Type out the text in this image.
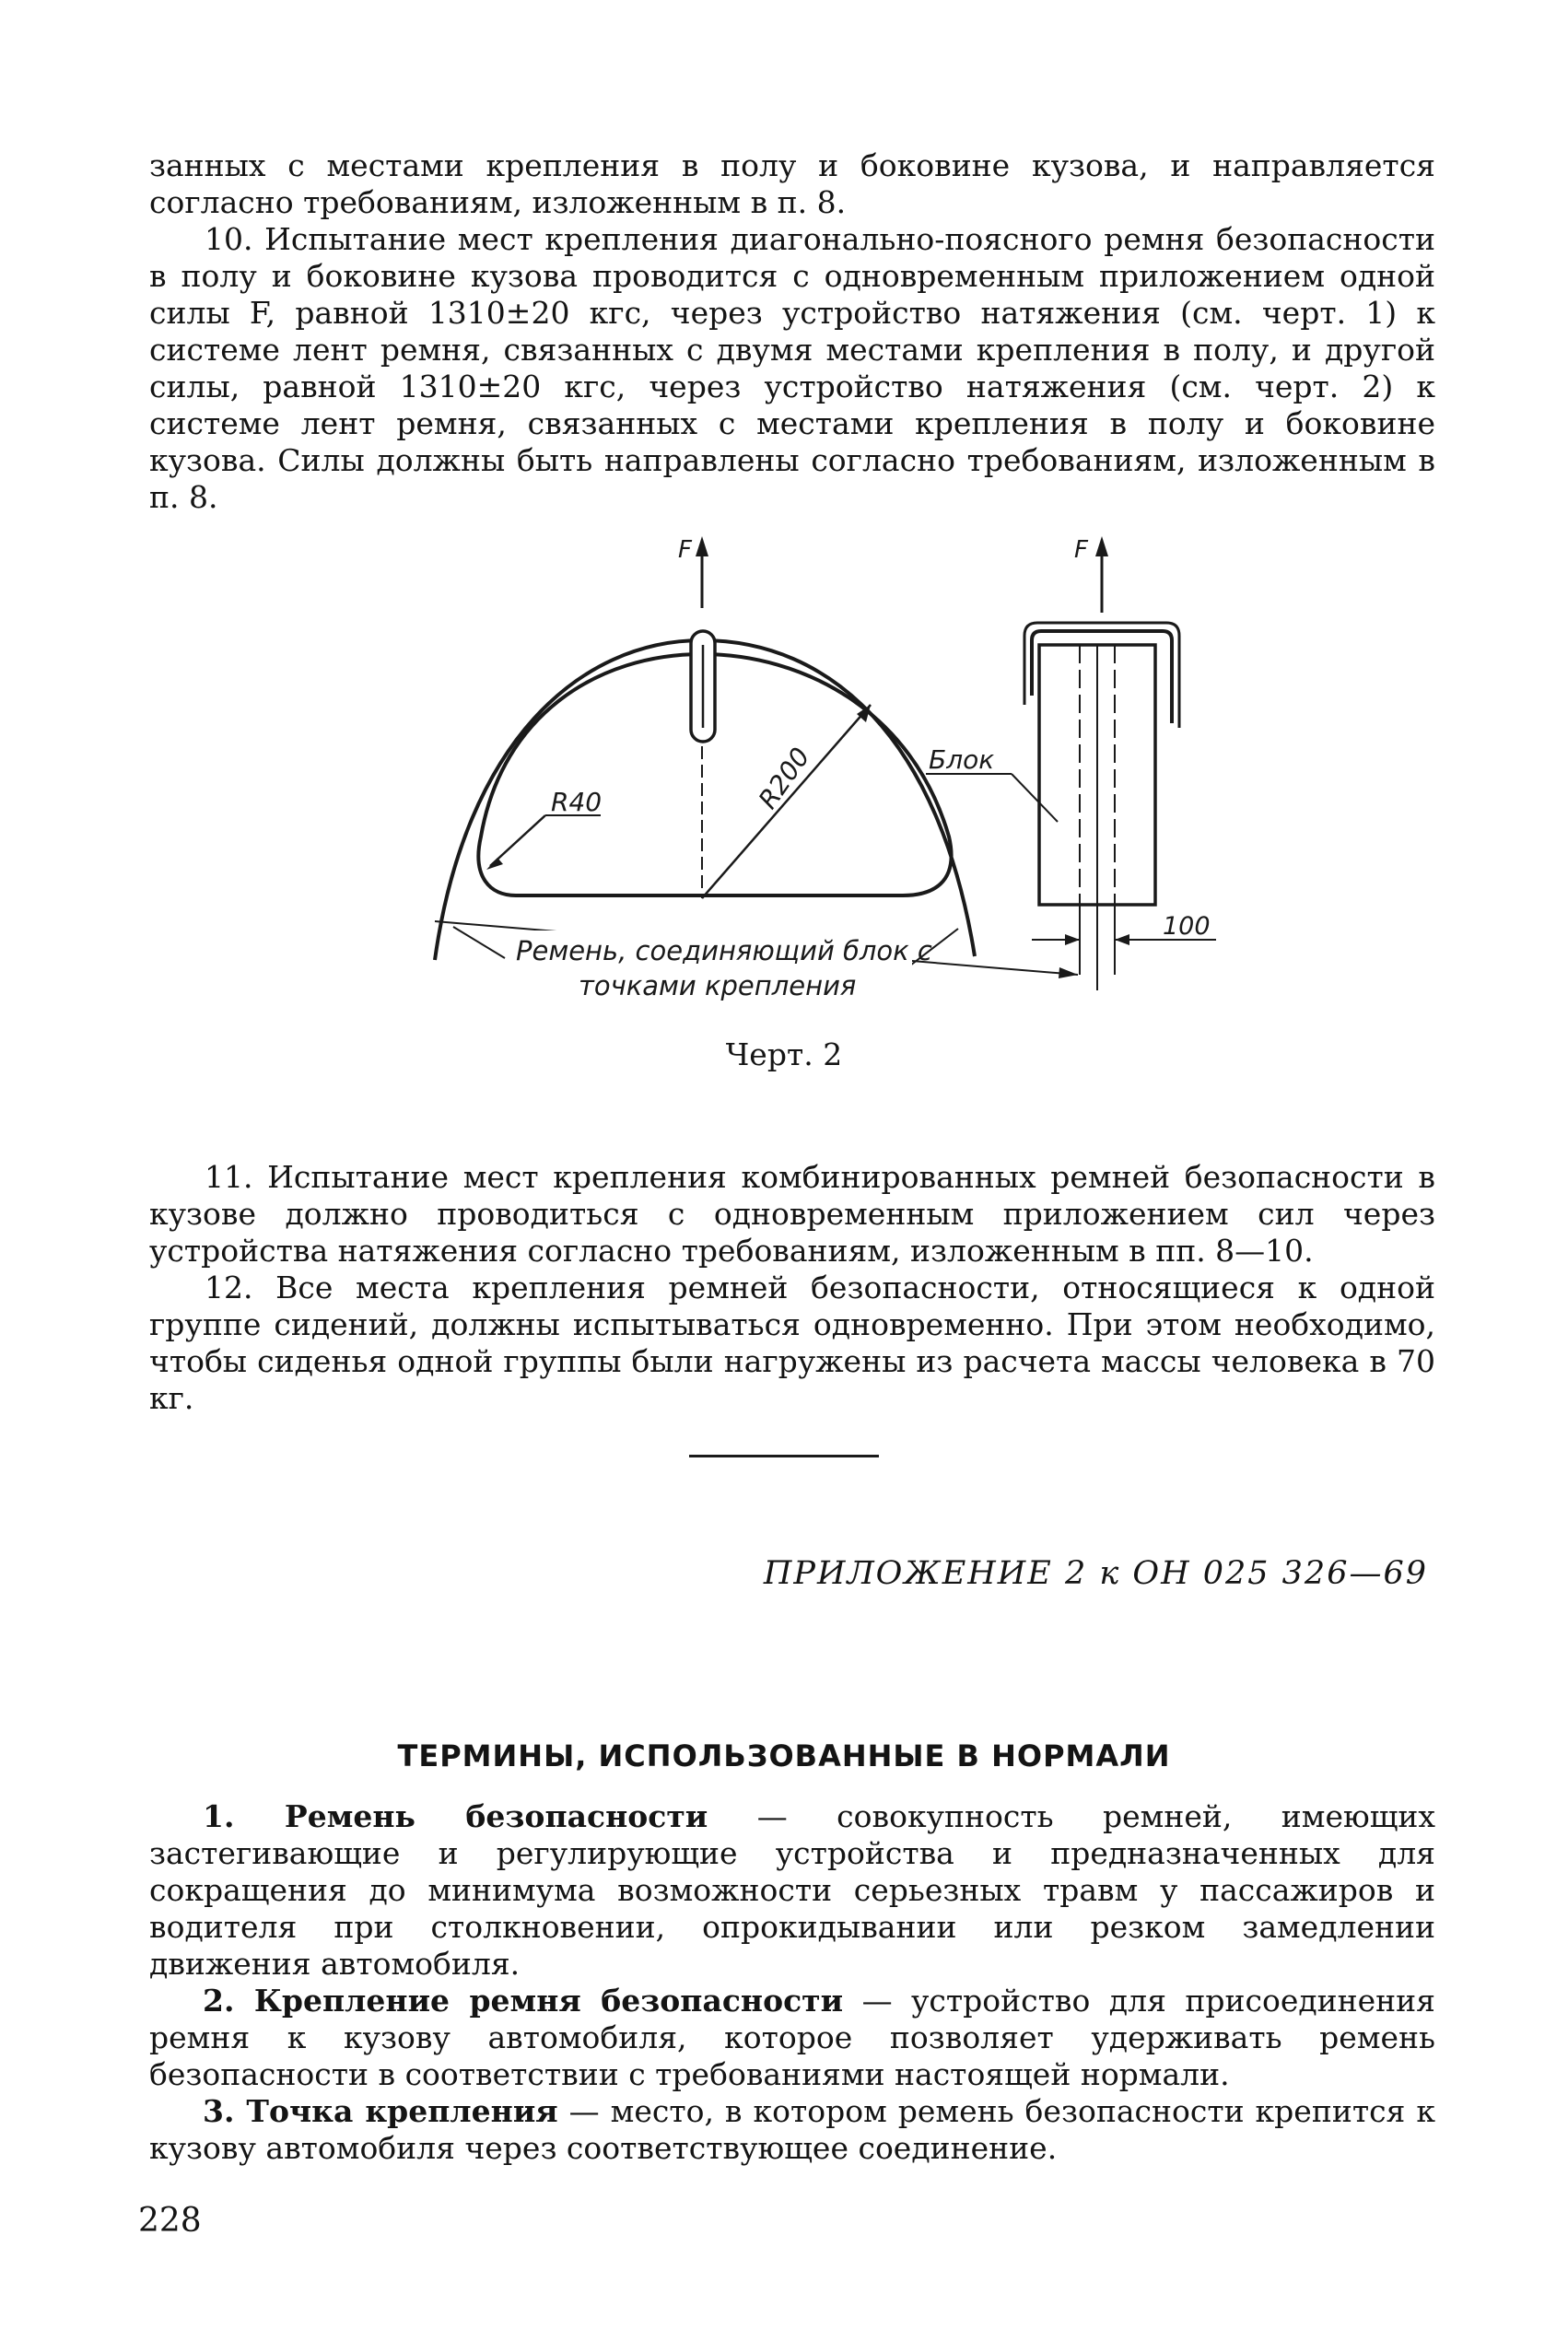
занных с местами крепления в полу и боковине кузова, и направляется согласно требованиям, изложенным в п. 8.

10. Испытание мест крепления диагонально-поясного ремня безопасности в полу и боковине кузова проводится с одновременным приложением одной силы F, равной 1310±20 кгс, через устройство натяжения (см. черт. 1) к системе лент ремня, связанных с двумя местами крепления в полу, и другой силы, равной 1310±20 кгс, через устройство натяжения (см. черт. 2) к системе лент ремня, связанных с местами крепления в полу и боковине кузова. Силы должны быть направлены согласно требованиям, изложенным в п. 8.

F
R200
R40
F
Блок
100
Ремень, соединяющий блок с
точками крепления
Черт. 2

11. Испытание мест крепления комбинированных ремней безопасности в кузове должно проводиться с одновременным приложением сил через устройства натяжения согласно требованиям, изложенным в пп. 8—10.

12. Все места крепления ремней безопасности, относящиеся к одной группе сидений, должны испытываться одновременно. При этом необходимо, чтобы сиденья одной группы были нагружены из расчета массы человека в 70 кг.

ПРИЛОЖЕНИЕ 2 к ОН 025 326—69
ТЕРМИНЫ, ИСПОЛЬЗОВАННЫЕ В НОРМАЛИ

1. Ремень безопасности — совокупность ремней, имеющих застегивающие и регулирующие устройства и предназначенных для сокращения до минимума возможности серьезных травм у пассажиров и водителя при столкновении, опрокидывании или резком замедлении движения автомобиля.

2. Крепление ремня безопасности — устройство для присоединения ремня к кузову автомобиля, которое позволяет удерживать ремень безопасности в соответствии с требованиями настоящей нормали.

3. Точка крепления — место, в котором ремень безопасности крепится к кузову автомобиля через соответствующее соединение.

228
